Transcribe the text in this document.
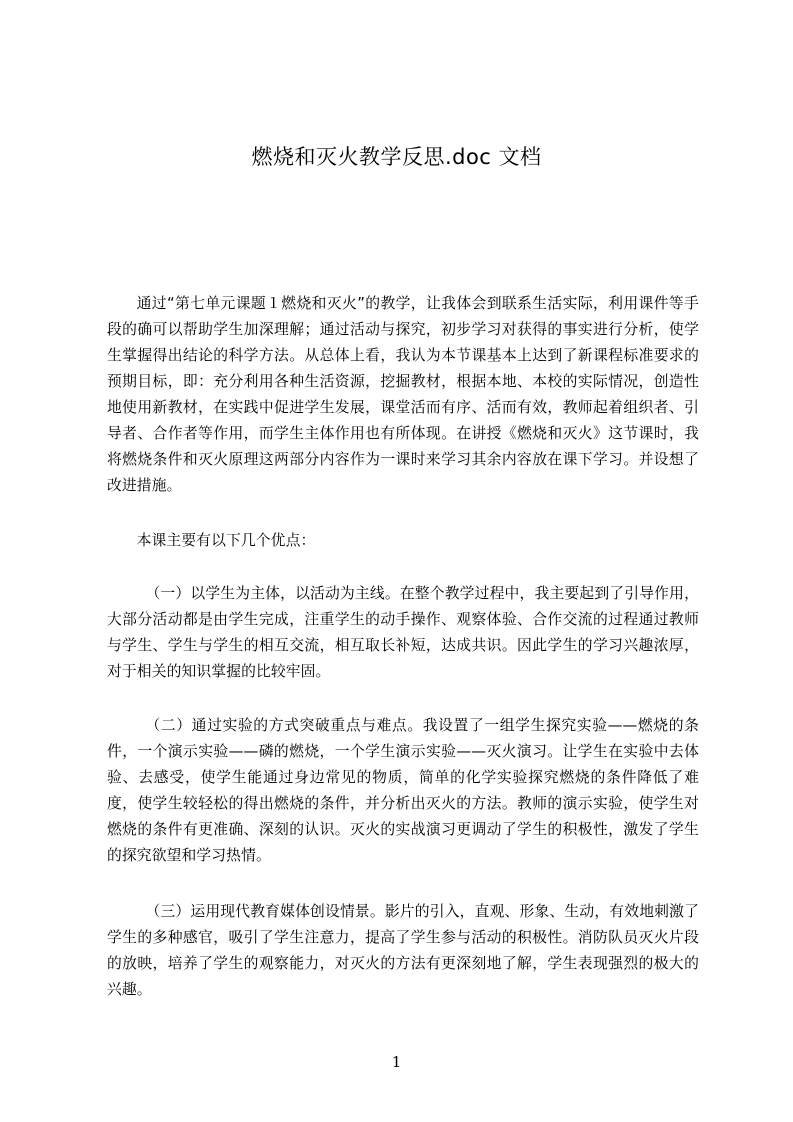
燃烧和灭火教学反思.doc 文档

通过“第七单元课题１燃烧和灭火”的教学，让我体会到联系生活实际，利用课件等手段的确可以帮助学生加深理解；通过活动与探究，初步学习对获得的事实进行分析，使学生掌握得出结论的科学方法。从总体上看，我认为本节课基本上达到了新课程标准要求的预期目标，即：充分利用各种生活资源，挖掘教材，根据本地、本校的实际情况，创造性地使用新教材，在实践中促进学生发展，课堂活而有序、活而有效，教师起着组织者、引导者、合作者等作用，而学生主体作用也有所体现。在讲授《燃烧和灭火》这节课时，我将燃烧条件和灭火原理这两部分内容作为一课时来学习其余内容放在课下学习。并设想了改进措施。

本课主要有以下几个优点：

（一）以学生为主体，以活动为主线。在整个教学过程中，我主要起到了引导作用，大部分活动都是由学生完成，注重学生的动手操作、观察体验、合作交流的过程通过教师与学生、学生与学生的相互交流，相互取长补短，达成共识。因此学生的学习兴趣浓厚，对于相关的知识掌握的比较牢固。

（二）通过实验的方式突破重点与难点。我设置了一组学生探究实验——燃烧的条件，一个演示实验——磷的燃烧，一个学生演示实验——灭火演习。让学生在实验中去体验、去感受，使学生能通过身边常见的物质，简单的化学实验探究燃烧的条件降低了难度，使学生较轻松的得出燃烧的条件，并分析出灭火的方法。教师的演示实验，使学生对燃烧的条件有更准确、深刻的认识。灭火的实战演习更调动了学生的积极性，激发了学生的探究欲望和学习热情。

（三）运用现代教育媒体创设情景。影片的引入，直观、形象、生动，有效地刺激了学生的多种感官，吸引了学生注意力，提高了学生参与活动的积极性。消防队员灭火片段的放映，培养了学生的观察能力，对灭火的方法有更深刻地了解，学生表现强烈的极大的兴趣。

1
